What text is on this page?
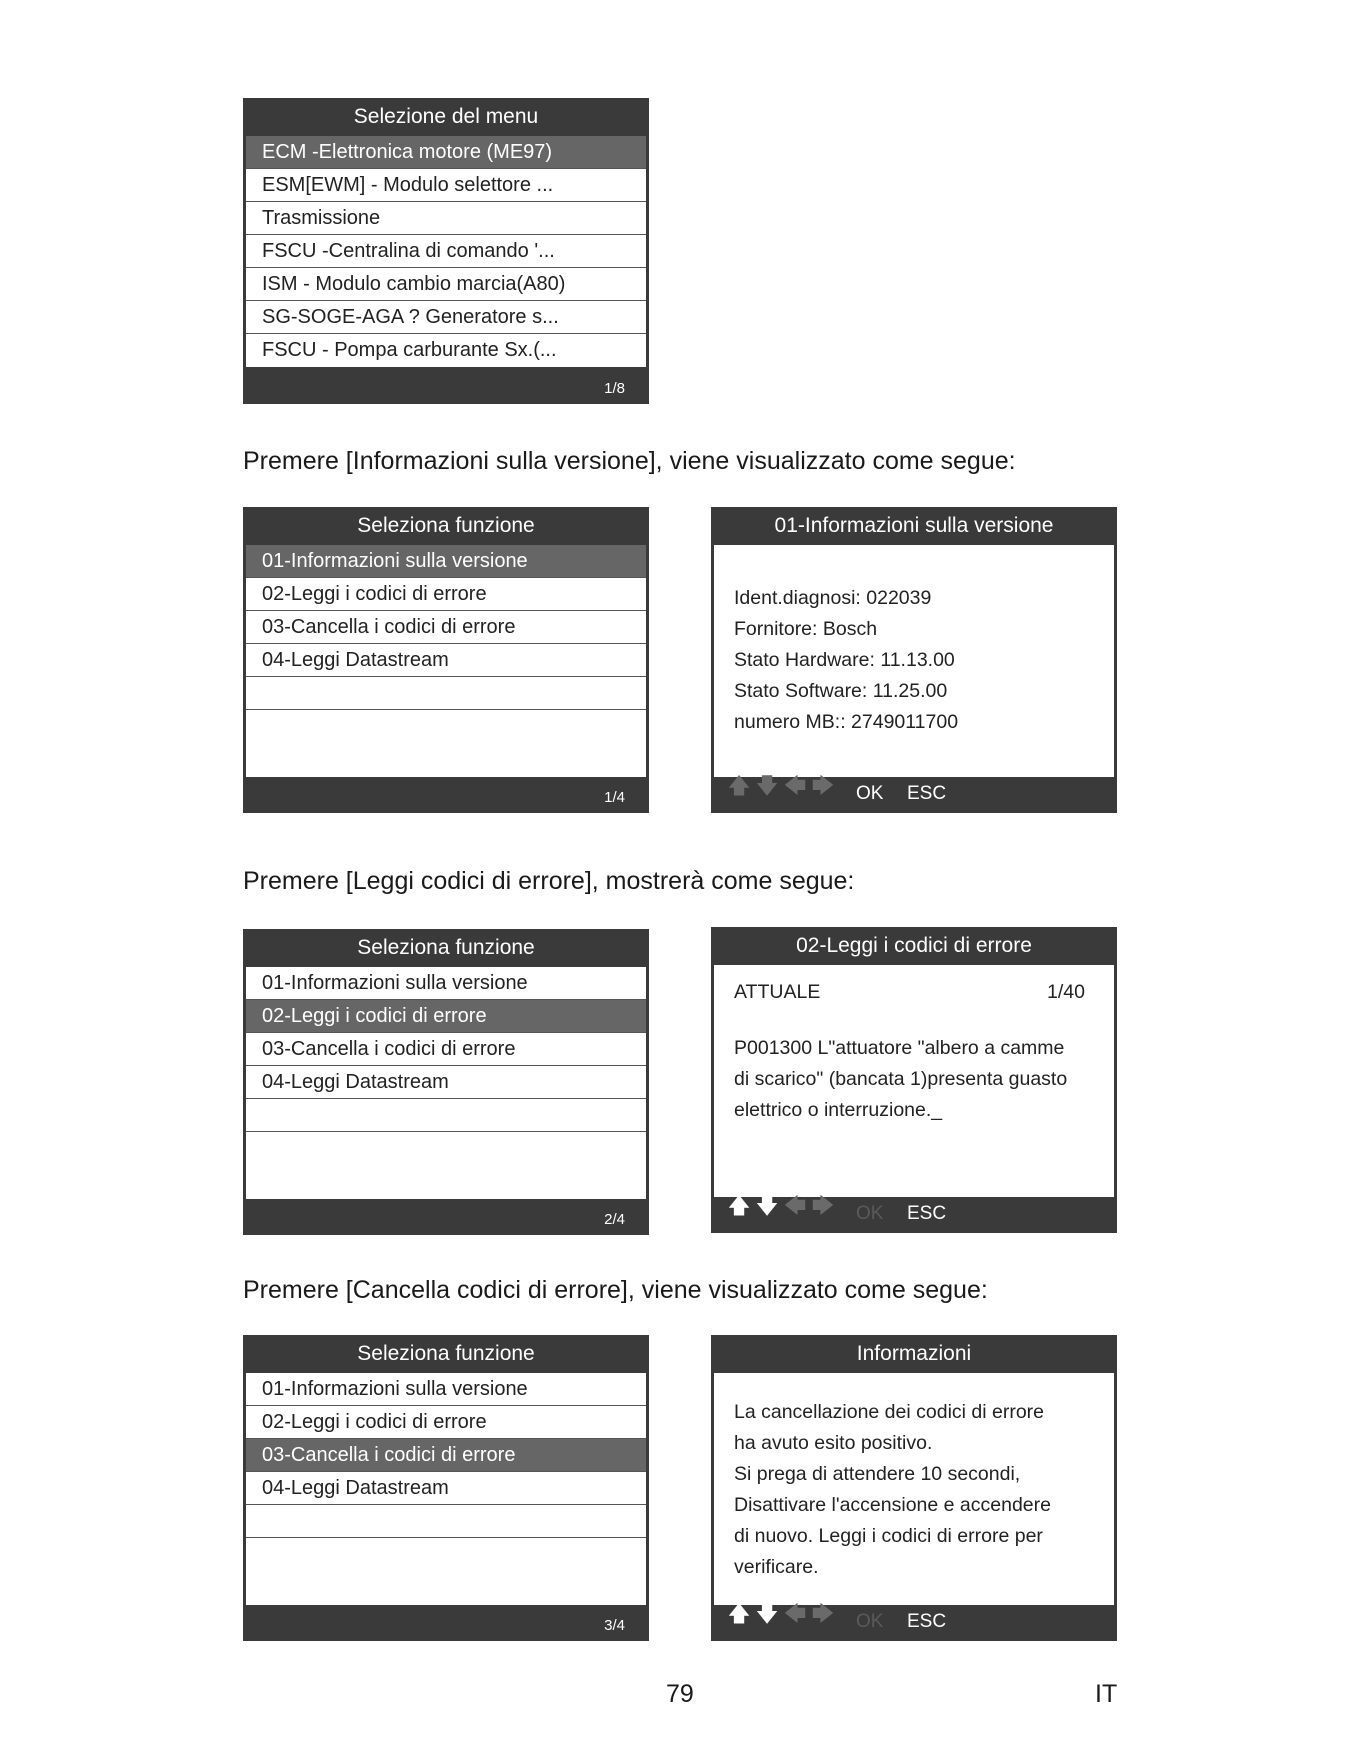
Selezione del menu
ECM -Elettronica motore (ME97)
ESM[EWM] - Modulo selettore ...
Trasmissione
FSCU -Centralina di comando '...
ISM - Modulo cambio marcia(A80)
SG-SOGE-AGA ? Generatore s...
FSCU - Pompa carburante Sx.(...
1/8
Premere [Informazioni sulla versione], viene visualizzato come segue:
Seleziona funzione
01-Informazioni sulla versione
02-Leggi i codici di errore
03-Cancella i codici di errore
04-Leggi Datastream
1/4
01-Informazioni sulla versione
Ident.diagnosi: 022039
Fornitore: Bosch
Stato Hardware: 11.13.00
Stato Software: 11.25.00
numero MB:: 2749011700
🡅 🡇 🡄 🡆 OK ESC
Premere [Leggi codici di errore], mostrerà come segue:
Seleziona funzione
01-Informazioni sulla versione
02-Leggi i codici di errore
03-Cancella i codici di errore
04-Leggi Datastream
2/4
02-Leggi i codici di errore
ATTUALE	1/40
P001300 L"attuatore "albero a camme
di scarico" (bancata 1)presenta guasto
elettrico o interruzione._
🡅 🡇 🡄 🡆 OK ESC
Premere [Cancella codici di errore], viene visualizzato come segue:
Seleziona funzione
01-Informazioni sulla versione
02-Leggi i codici di errore
03-Cancella i codici di errore
04-Leggi Datastream
3/4
Informazioni
La cancellazione dei codici di errore
ha avuto esito positivo.
Si prega di attendere 10 secondi,
Disattivare l'accensione e accendere
di nuovo. Leggi i codici di errore per
verificare.
🡅 🡇 🡄 🡆 OK ESC
79	IT
